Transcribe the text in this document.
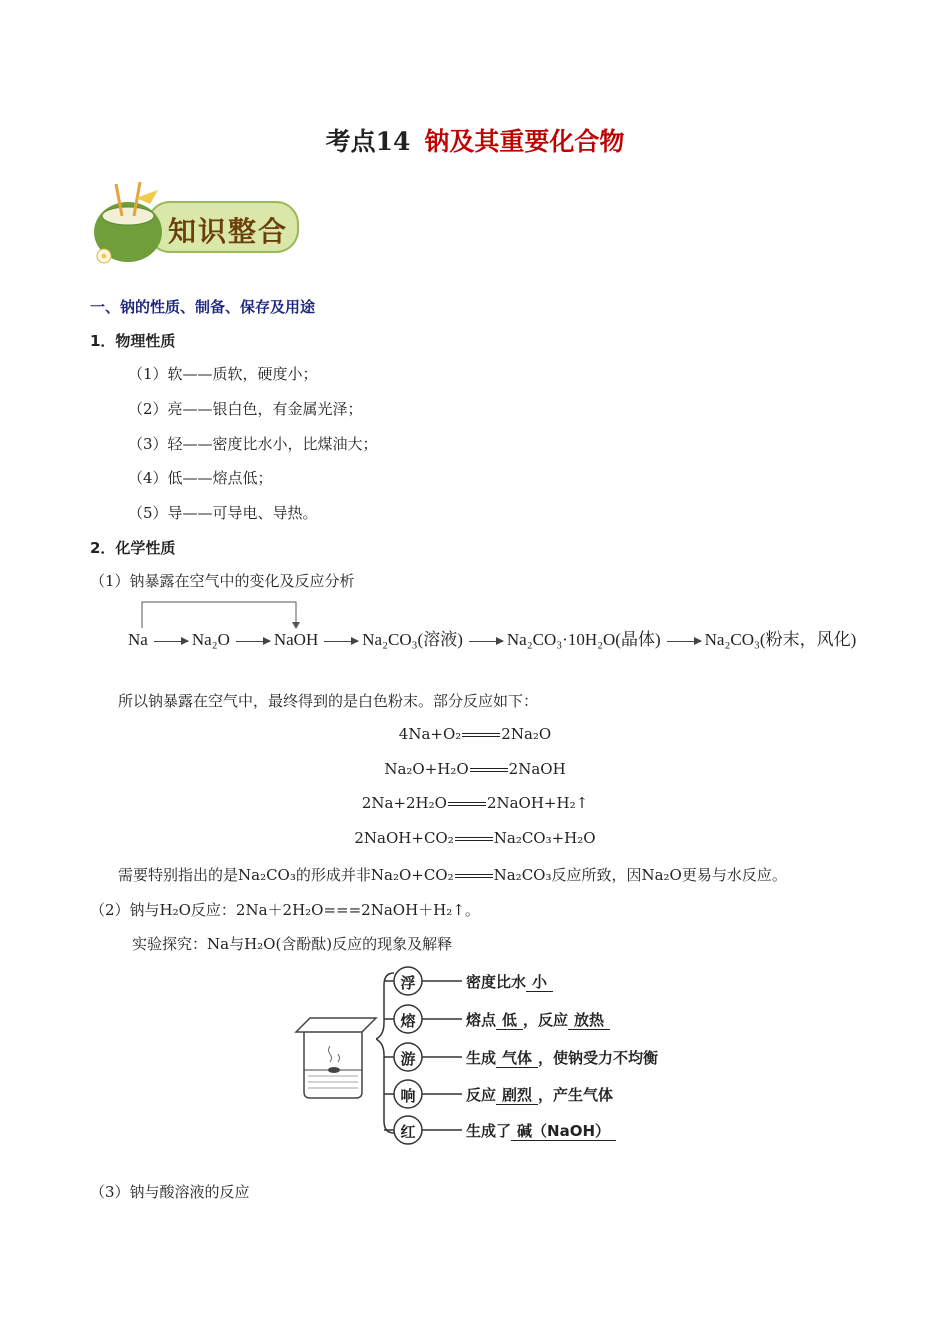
考点14 钠及其重要化合物
知识整合
一、钠的性质、制备、保存及用途
1．物理性质
（1）软——质软，硬度小；
（2）亮——银白色，有金属光泽；
（3）轻——密度比水小，比煤油大；
（4）低——熔点低；
（5）导——可导电、导热。
2．化学性质
（1）钠暴露在空气中的变化及反应分析
Na	Na₂O	NaOH	Na₂CO₃(溶液)	Na₂CO₃·10H₂O(晶体)	Na₂CO₃(粉末，风化)
所以钠暴露在空气中，最终得到的是白色粉末。部分反应如下：
4Na+O₂	2Na₂O
Na₂O+H₂O	2NaOH
2Na+2H₂O	2NaOH+H₂↑
2NaOH+CO₂	Na₂CO₃+H₂O
需要特别指出的是Na₂CO₃的形成并非Na₂O+CO₂	Na₂CO₃反应所致，因Na₂O更易与水反应。
（2）钠与H₂O反应：2Na＋2H₂O===2NaOH＋H₂↑。
实验探究：Na与H₂O(含酚酞)反应的现象及解释
浮
熔
游
响
红
密度比水 小
熔点 低 ，反应 放热
生成 气体 ，使钠受力不均衡
反应 剧烈 ，产生气体
生成了 碱（NaOH）
（3）钠与酸溶液的反应
